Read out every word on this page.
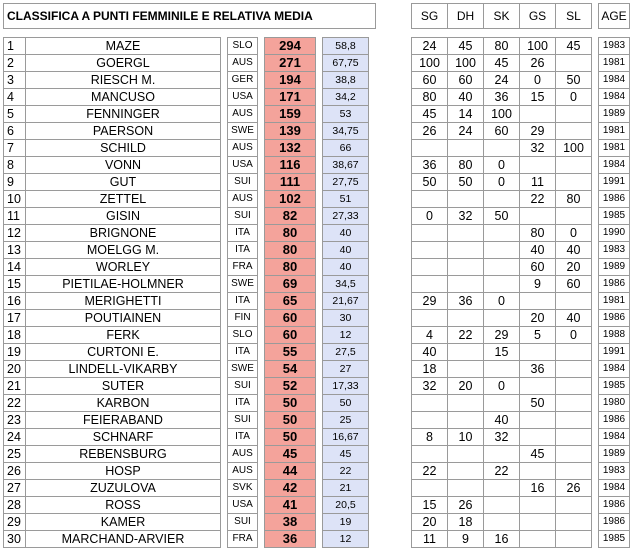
CLASSIFICA A PUNTI FEMMINILE E RELATIVA MEDIA										SG	DH	SK	GS	SL		AGE

1	MAZE		SLO		294		58,8			24	45	80	100	45		1983
2	GOERGL		AUS		271		67,75			100	100	45	26			1981
3	RIESCH M.		GER		194		38,8			60	60	24	0	50		1984
4	MANCUSO		USA		171		34,2			80	40	36	15	0		1984
5	FENNINGER		AUS		159		53			45	14	100				1989
6	PAERSON		SWE		139		34,75			26	24	60	29			1981
7	SCHILD		AUS		132		66						32	100		1981
8	VONN		USA		116		38,67			36	80	0				1984
9	GUT		SUI		111		27,75			50	50	0	11			1991
10	ZETTEL		AUS		102		51						22	80		1986
11	GISIN		SUI		82		27,33			0	32	50				1985
12	BRIGNONE		ITA		80		40						80	0		1990
13	MOELGG M.		ITA		80		40						40	40		1983
14	WORLEY		FRA		80		40						60	20		1989
15	PIETILAE-HOLMNER		SWE		69		34,5						9	60		1986
16	MERIGHETTI		ITA		65		21,67			29	36	0				1981
17	POUTIAINEN		FIN		60		30						20	40		1986
18	FERK		SLO		60		12			4	22	29	5	0		1988
19	CURTONI E.		ITA		55		27,5			40		15				1991
20	LINDELL-VIKARBY		SWE		54		27			18			36			1984
21	SUTER		SUI		52		17,33			32	20	0				1985
22	KARBON		ITA		50		50						50			1980
23	FEIERABAND		SUI		50		25					40				1986
24	SCHNARF		ITA		50		16,67			8	10	32				1984
25	REBENSBURG		AUS		45		45						45			1989
26	HOSP		AUS		44		22			22		22				1983
27	ZUZULOVA		SVK		42		21						16	26		1984
28	ROSS		USA		41		20,5			15	26					1986
29	KAMER		SUI		38		19			20	18					1986
30	MARCHAND-ARVIER		FRA		36		12			11	9	16				1985
